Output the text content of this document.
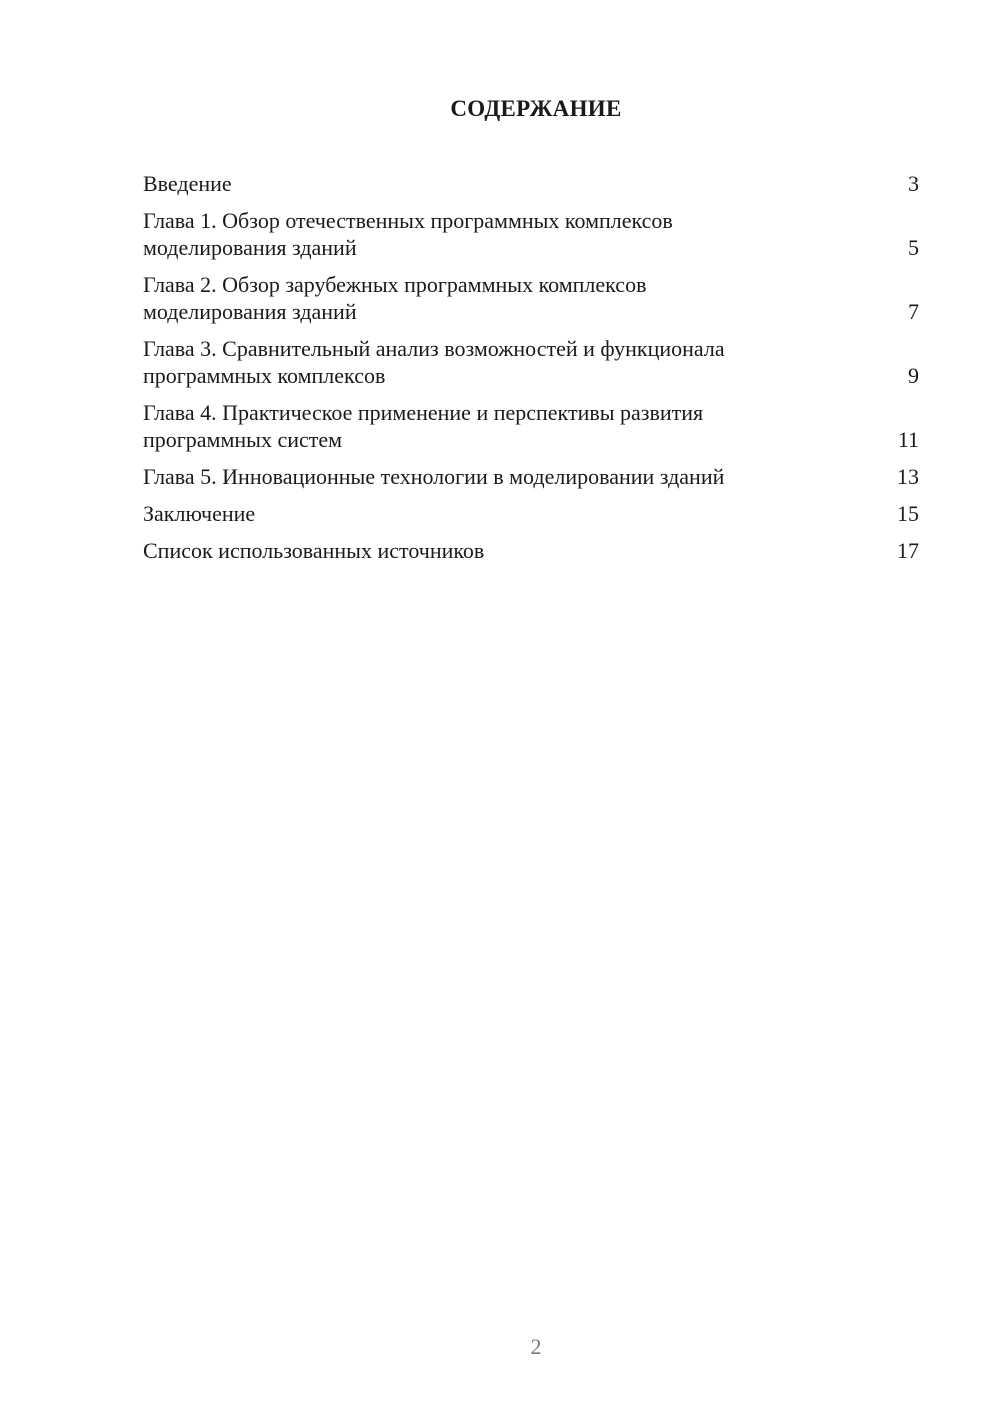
СОДЕРЖАНИЕ
Введение	3
Глава 1. Обзор отечественных программных комплексов
моделирования зданий	5
Глава 2. Обзор зарубежных программных комплексов
моделирования зданий	7
Глава 3. Сравнительный анализ возможностей и функционала
программных комплексов	9
Глава 4. Практическое применение и перспективы развития
программных систем	11
Глава 5. Инновационные технологии в моделировании зданий	13
Заключение	15
Список использованных источников	17
2
